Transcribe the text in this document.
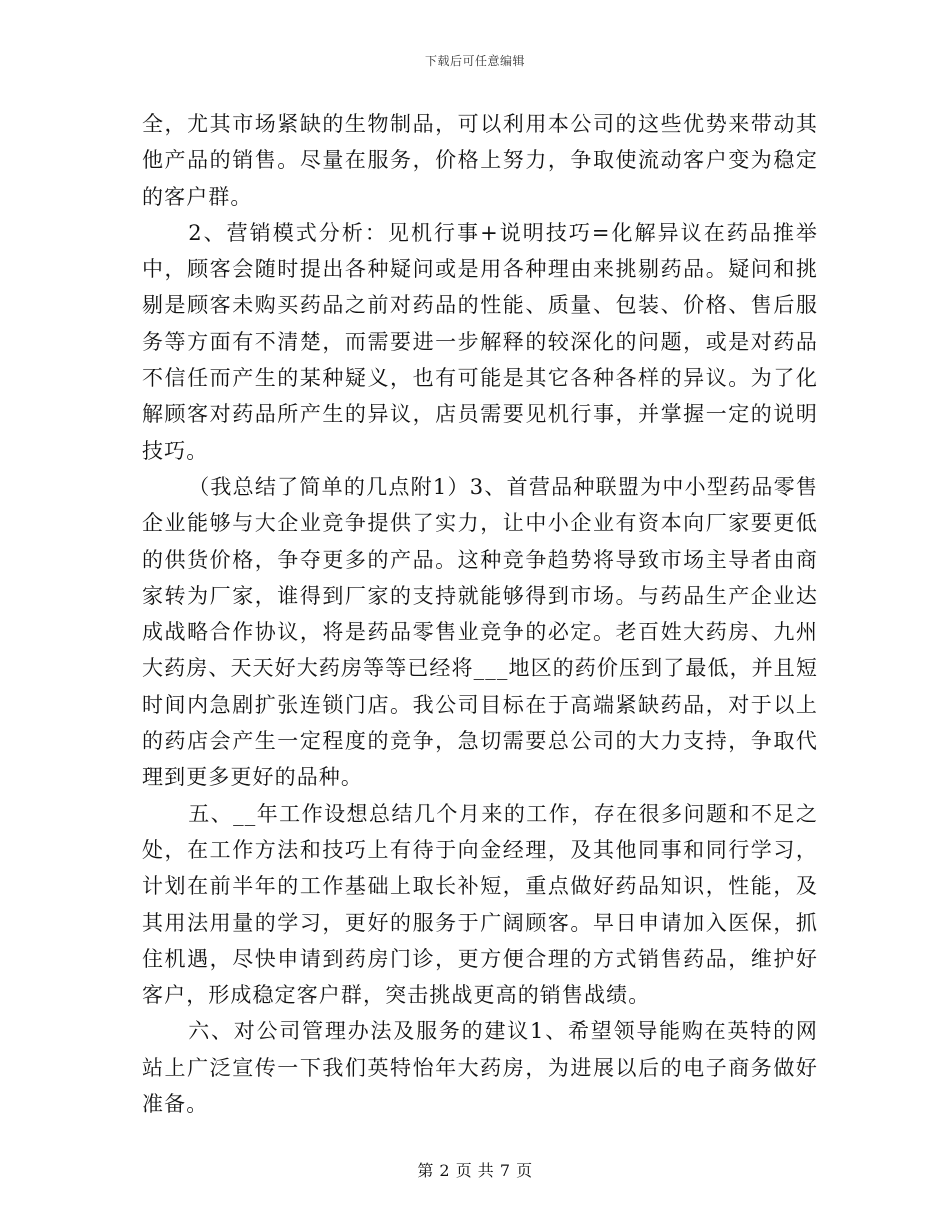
下载后可任意编辑

全，尤其市场紧缺的生物制品，可以利用本公司的这些优势来带动其他产品的销售。尽量在服务，价格上努力，争取使流动客户变为稳定的客户群。

2、营销模式分析：见机行事+说明技巧=化解异议在药品推举中，顾客会随时提出各种疑问或是用各种理由来挑剔药品。疑问和挑剔是顾客未购买药品之前对药品的性能、质量、包装、价格、售后服务等方面有不清楚，而需要进一步解释的较深化的问题，或是对药品不信任而产生的某种疑义，也有可能是其它各种各样的异议。为了化解顾客对药品所产生的异议，店员需要见机行事，并掌握一定的说明技巧。

（我总结了简单的几点附1）3、首营品种联盟为中小型药品零售企业能够与大企业竞争提供了实力，让中小企业有资本向厂家要更低的供货价格，争夺更多的产品。这种竞争趋势将导致市场主导者由商家转为厂家，谁得到厂家的支持就能够得到市场。与药品生产企业达成战略合作协议，将是药品零售业竞争的必定。老百姓大药房、九州大药房、天天好大药房等等已经将___地区的药价压到了最低，并且短时间内急剧扩张连锁门店。我公司目标在于高端紧缺药品，对于以上的药店会产生一定程度的竞争，急切需要总公司的大力支持，争取代理到更多更好的品种。

五、__年工作设想总结几个月来的工作，存在很多问题和不足之处，在工作方法和技巧上有待于向金经理，及其他同事和同行学习，计划在前半年的工作基础上取长补短，重点做好药品知识，性能，及其用法用量的学习，更好的服务于广阔顾客。早日申请加入医保，抓住机遇，尽快申请到药房门诊，更方便合理的方式销售药品，维护好客户，形成稳定客户群，突击挑战更高的销售战绩。

六、对公司管理办法及服务的建议1、希望领导能购在英特的网站上广泛宣传一下我们英特怡年大药房，为进展以后的电子商务做好准备。

第 2 页 共 7 页
